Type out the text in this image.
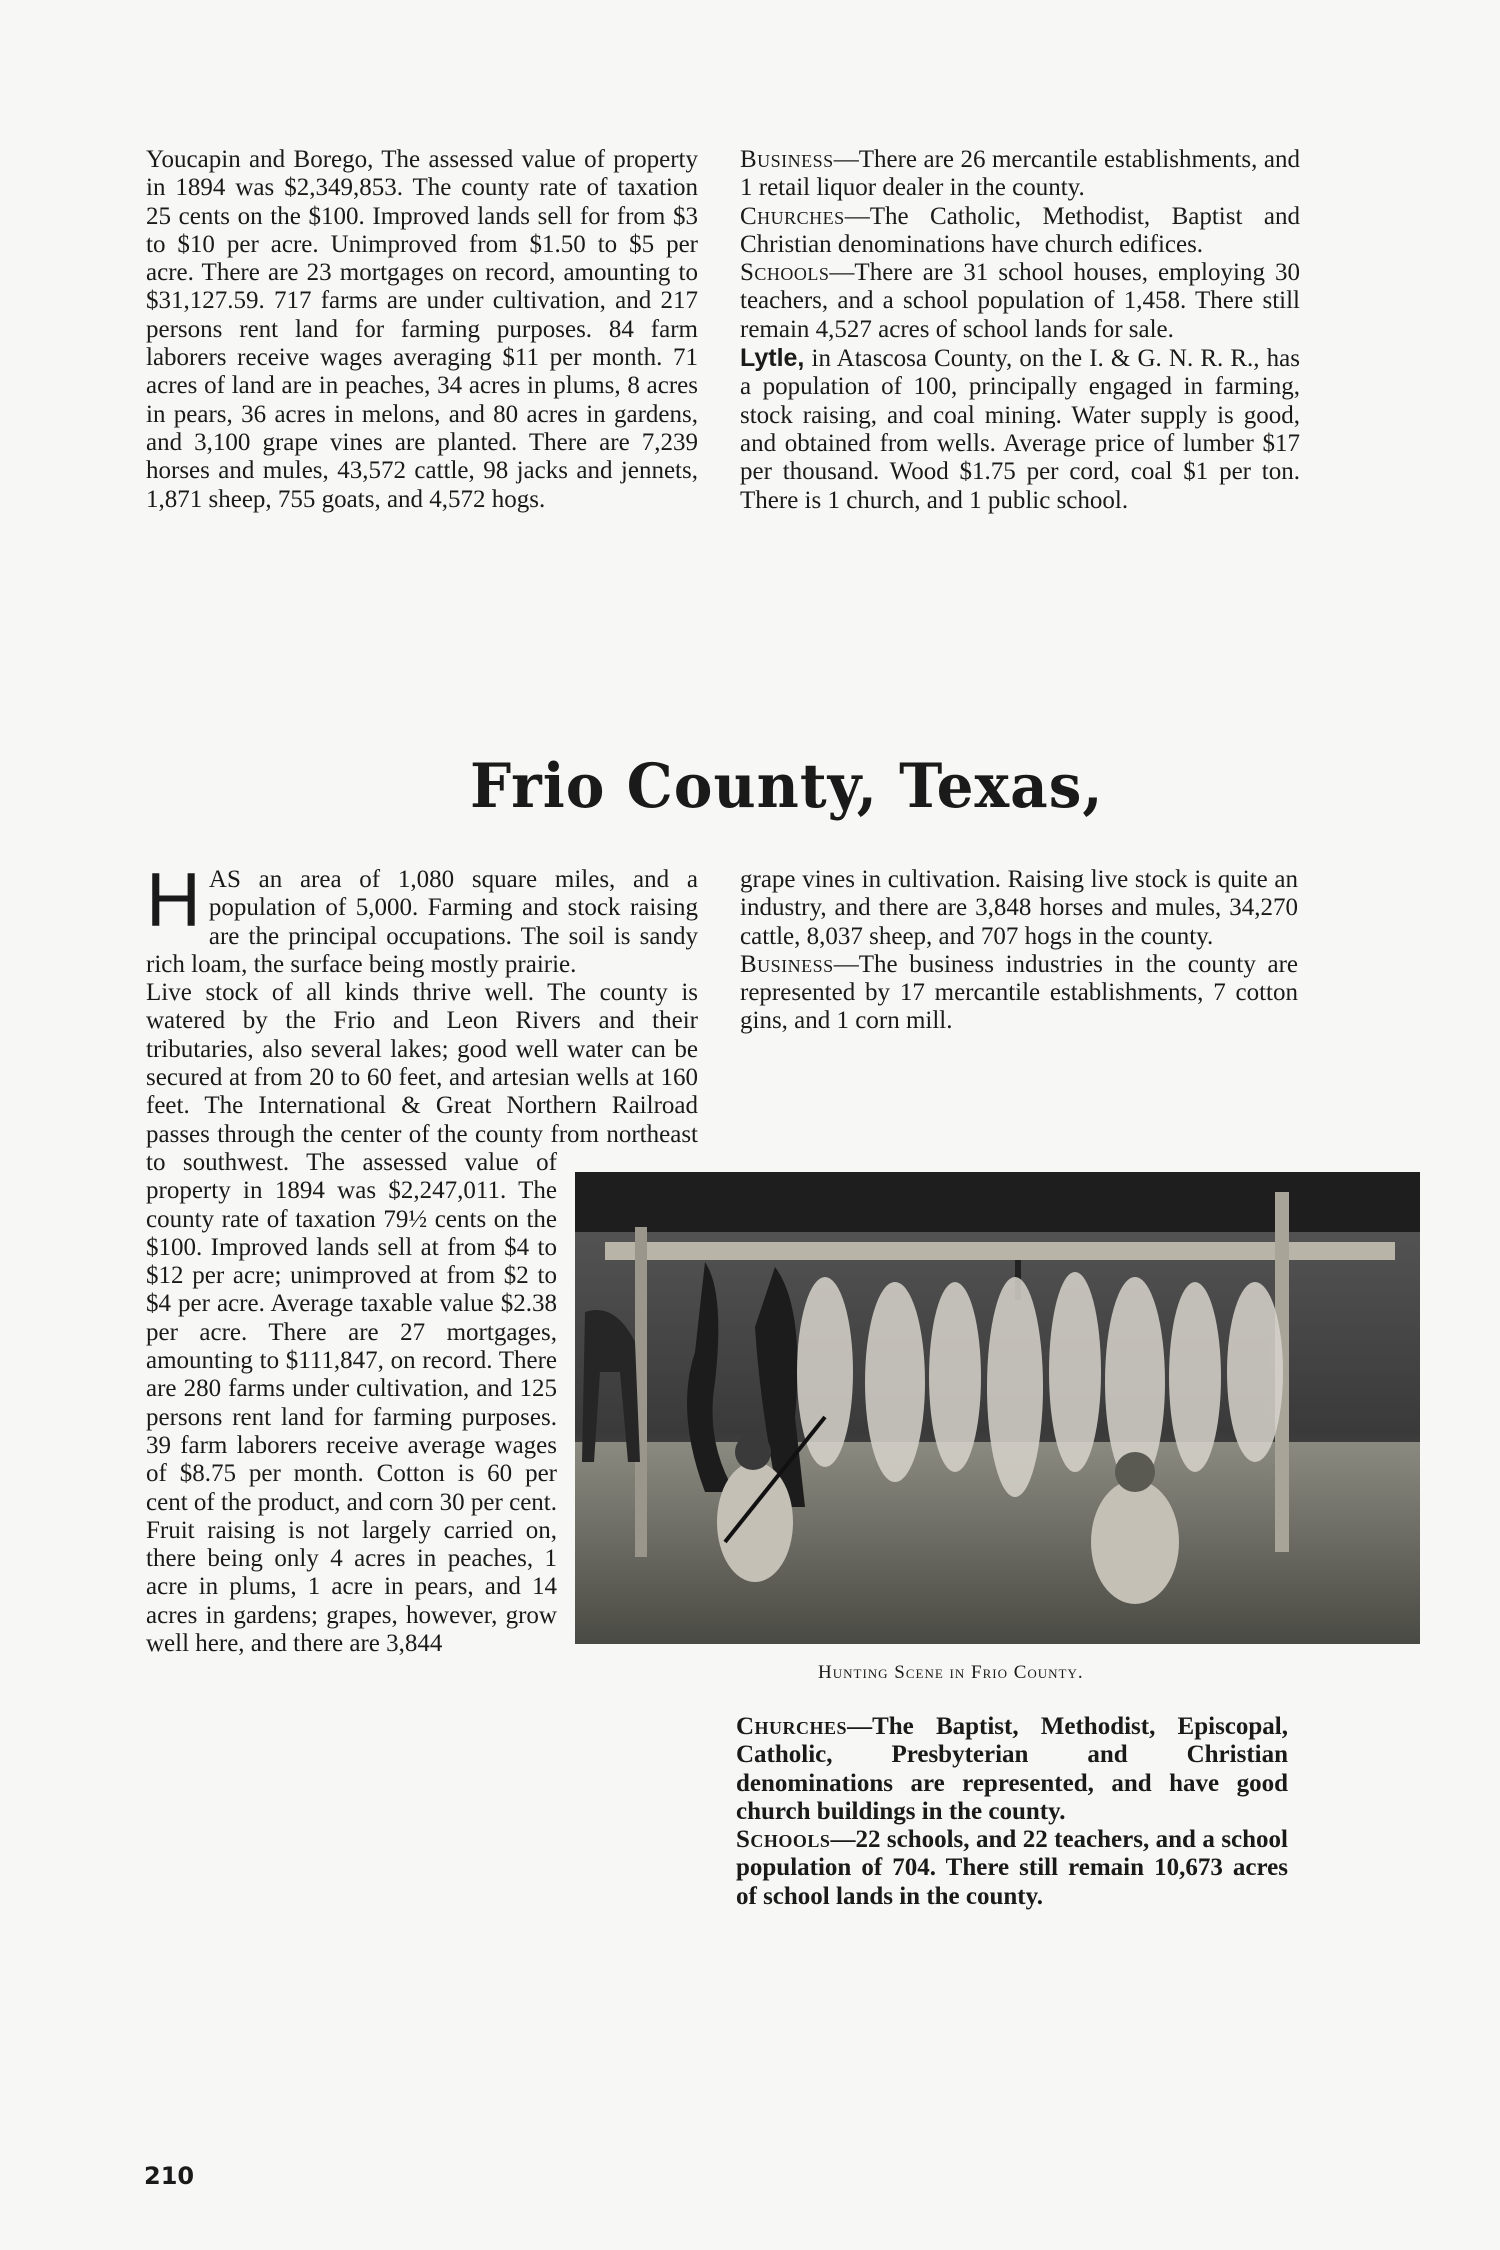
Youcapin and Borego, The assessed value of property in 1894 was $2,349,853. The county rate of taxation 25 cents on the $100. Improved lands sell for from $3 to $10 per acre. Unimproved from $1.50 to $5 per acre. There are 23 mortgages on record, amounting to $31,127.59. 717 farms are under cultivation, and 217 persons rent land for farming purposes. 84 farm laborers receive wages averaging $11 per month. 71 acres of land are in peaches, 34 acres in plums, 8 acres in pears, 36 acres in melons, and 80 acres in gardens, and 3,100 grape vines are planted. There are 7,239 horses and mules, 43,572 cattle, 98 jacks and jennets, 1,871 sheep, 755 goats, and 4,572 hogs.

Business—There are 26 mercantile establishments, and 1 retail liquor dealer in the county.

Churches—The Catholic, Methodist, Baptist and Christian denominations have church edifices.

Schools—There are 31 school houses, employing 30 teachers, and a school population of 1,458. There still remain 4,527 acres of school lands for sale.

Lytle, in Atascosa County, on the I. & G. N. R. R., has a population of 100, principally engaged in farming, stock raising, and coal mining. Water supply is good, and obtained from wells. Average price of lumber $17 per thousand. Wood $1.75 per cord, coal $1 per ton. There is 1 church, and 1 public school.

Frio County, Texas,

HAS an area of 1,080 square miles, and a population of 5,000. Farming and stock raising are the principal occupations. The soil is sandy rich loam, the surface being mostly prairie.

Live stock of all kinds thrive well. The county is watered by the Frio and Leon Rivers and their tributaries, also several lakes; good well water can be secured at from 20 to 60 feet, and artesian wells at 160 feet. The International & Great Northern Railroad passes through the center of the county from northeast to southwest. The assessed value of property in 1894 was $2,247,011. The county rate of taxation 79½ cents on the $100. Improved lands sell at from $4 to $12 per acre; unimproved at from $2 to $4 per acre. Average taxable value $2.38 per acre. There are 27 mortgages, amounting to $111,847, on record. There are 280 farms under cultivation, and 125 persons rent land for farming purposes. 39 farm laborers receive average wages of $8.75 per month. Cotton is 60 per cent of the product, and corn 30 per cent. Fruit raising is not largely carried on, there being only 4 acres in peaches, 1 acre in plums, 1 acre in pears, and 14 acres in gardens; grapes, however, grow well here, and there are 3,844

grape vines in cultivation. Raising live stock is quite an industry, and there are 3,848 horses and mules, 34,270 cattle, 8,037 sheep, and 707 hogs in the county.

Business—The business industries in the county are represented by 17 mercantile establishments, 7 cotton gins, and 1 corn mill.

Hunting Scene in Frio County.

Churches—The Baptist, Methodist, Episcopal, Catholic, Presbyterian and Christian denominations are represented, and have good church buildings in the county.

Schools—22 schools, and 22 teachers, and a school population of 704. There still remain 10,673 acres of school lands in the county.

210
